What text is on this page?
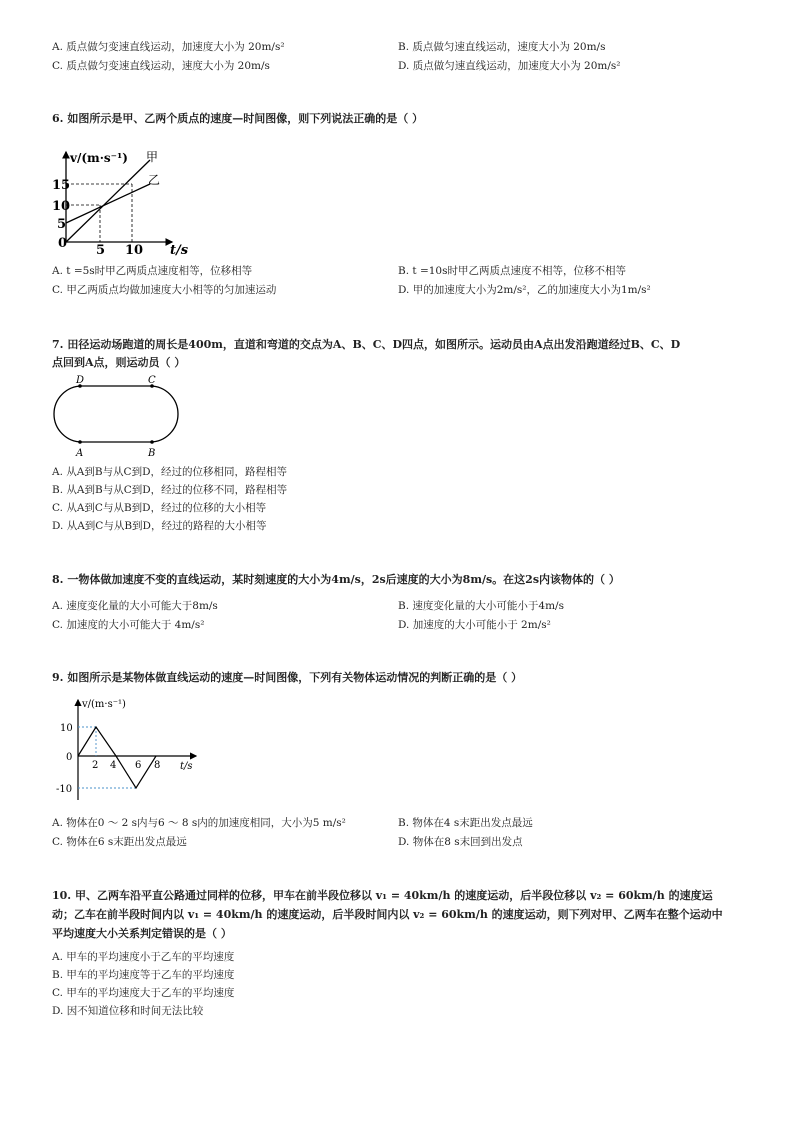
A. 质点做匀变速直线运动，加速度大小为 20m/s²	B. 质点做匀速直线运动，速度大小为 20m/s
C. 质点做匀变速直线运动，速度大小为 20m/s	D. 质点做匀速直线运动，加速度大小为 20m/s²
6. 如图所示是甲、乙两个质点的速度—时间图像，则下列说法正确的是（ ）
v/(m·s⁻¹) 甲
乙
15
10
5
0 5 10 t/s
A. t =5s时甲乙两质点速度相等，位移相等	B. t =10s时甲乙两质点速度不相等，位移不相等
C. 甲乙两质点均做加速度大小相等的匀加速运动	D. 甲的加速度大小为2m/s²，乙的加速度大小为1m/s²
7. 田径运动场跑道的周长是400m，直道和弯道的交点为A、B、C、D四点，如图所示。运动员由A点出发沿跑道经过B、C、D
点回到A点，则运动员（ ）
D	C
A	B
A. 从A到B与从C到D，经过的位移相同，路程相等
B. 从A到B与从C到D，经过的位移不同，路程相等
C. 从A到C与从B到D，经过的位移的大小相等
D. 从A到C与从B到D，经过的路程的大小相等
8. 一物体做加速度不变的直线运动，某时刻速度的大小为4m/s，2s后速度的大小为8m/s。在这2s内该物体的（ ）
A. 速度变化量的大小可能大于8m/s	B. 速度变化量的大小可能小于4m/s
C. 加速度的大小可能大于 4m/s²	D. 加速度的大小可能小于 2m/s²
9. 如图所示是某物体做直线运动的速度—时间图像，下列有关物体运动情况的判断正确的是（ ）
v/(m·s⁻¹)
10
0
-10
2 4 6 8 t/s
A. 物体在0 ～ 2 s内与6 ～ 8 s内的加速度相同，大小为5 m/s²	B. 物体在4 s末距出发点最远
C. 物体在6 s末距出发点最远	D. 物体在8 s末回到出发点
10. 甲、乙两车沿平直公路通过同样的位移，甲车在前半段位移以 v₁ = 40km/h 的速度运动，后半段位移以 v₂ = 60km/h 的速度运
动；乙车在前半段时间内以 v₁ = 40km/h 的速度运动，后半段时间内以 v₂ = 60km/h 的速度运动，则下列对甲、乙两车在整个运动中
平均速度大小关系判定错误的是（ ）
A. 甲车的平均速度小于乙车的平均速度
B. 甲车的平均速度等于乙车的平均速度
C. 甲车的平均速度大于乙车的平均速度
D. 因不知道位移和时间无法比较
